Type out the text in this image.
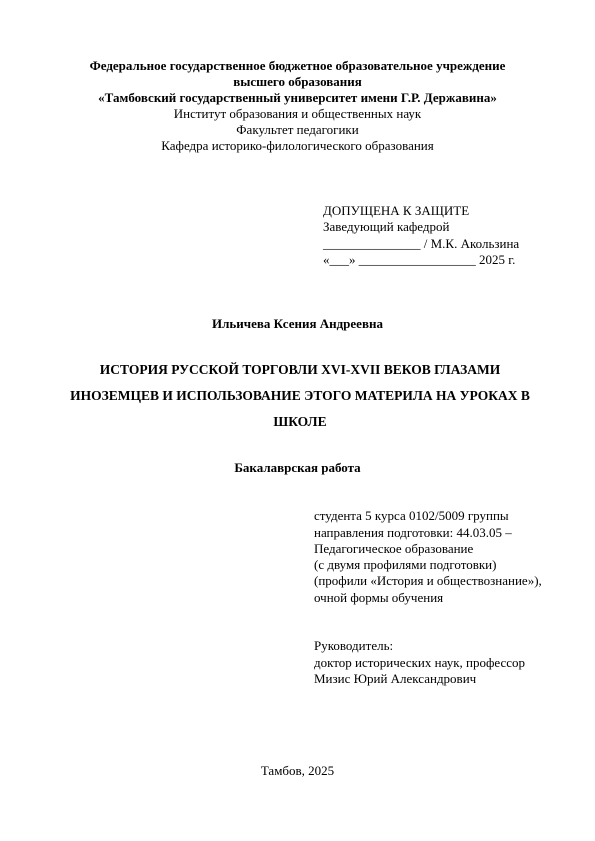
Федеральное государственное бюджетное образовательное учреждение
высшего образования
«Тамбовский государственный университет имени Г.Р. Державина»
Институт образования и общественных наук
Факультет педагогики
Кафедра историко-филологического образования
ДОПУЩЕНА К ЗАЩИТЕ
Заведующий кафедрой
_______________ / М.К. Акользина
«___» __________________ 2025 г.
Ильичева Ксения Андреевна
ИСТОРИЯ РУССКОЙ ТОРГОВЛИ XVI-XVII ВЕКОВ ГЛАЗАМИ
ИНОЗЕМЦЕВ И ИСПОЛЬЗОВАНИЕ ЭТОГО МАТЕРИЛА НА УРОКАХ В
ШКОЛЕ
Бакалаврская работа
студента 5 курса 0102/5009 группы
направления подготовки: 44.03.05 –
Педагогическое образование
(с двумя профилями подготовки)
(профили «История и обществознание»),
очной формы обучения
Руководитель:
доктор исторических наук, профессор
Мизис Юрий Александрович
Тамбов, 2025
